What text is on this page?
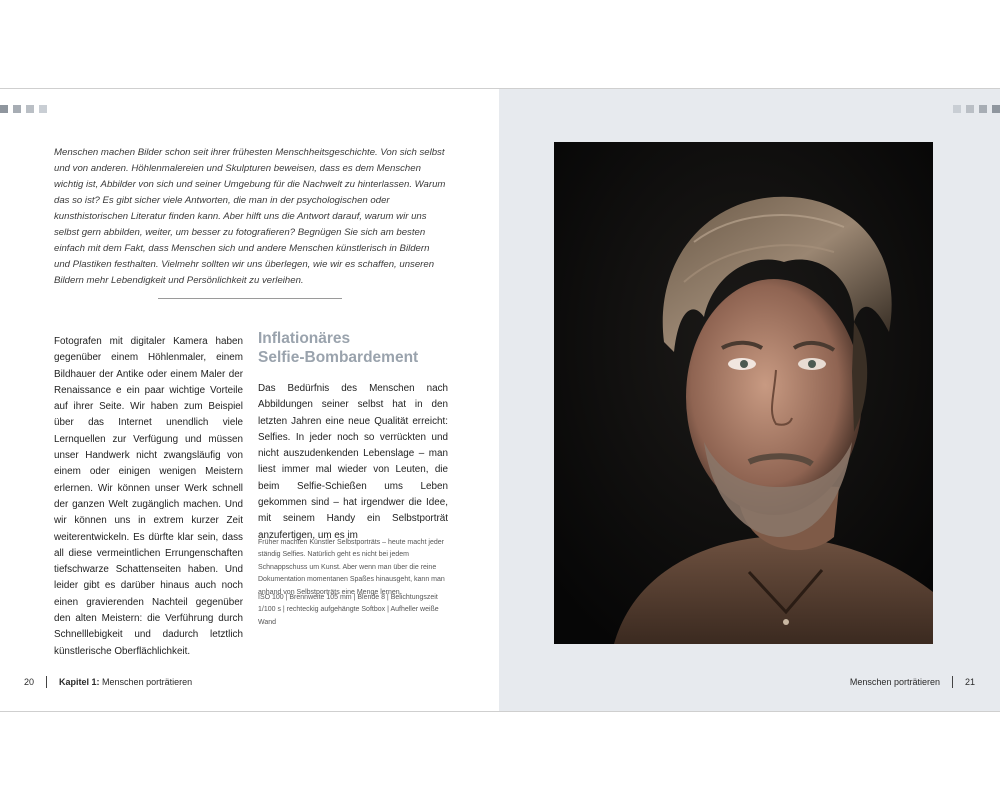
Menschen machen Bilder schon seit ihrer frühesten Menschheitsgeschichte. Von sich selbst und von anderen. Höhlenmalereien und Skulpturen beweisen, dass es dem Menschen wichtig ist, Abbilder von sich und seiner Umgebung für die Nachwelt zu hinterlassen. Warum das so ist? Es gibt sicher viele Antworten, die man in der psychologischen oder kunsthistorischen Literatur finden kann. Aber hilft uns die Antwort darauf, warum wir uns selbst gern abbilden, weiter, um besser zu fotografieren? Begnügen Sie sich am besten einfach mit dem Fakt, dass Menschen sich und andere Menschen künstlerisch in Bildern und Plastiken festhalten. Vielmehr sollten wir uns überlegen, wie wir es schaffen, unseren Bildern mehr Lebendigkeit und Persönlichkeit zu verleihen.

Fotografen mit digitaler Kamera haben gegenüber einem Höhlenmaler, einem Bildhauer der Antike oder einem Maler der Renaissance e ein paar wichtige Vorteile auf ihrer Seite. Wir haben zum Beispiel über das Internet unendlich viele Lernquellen zur Verfügung und müssen unser Handwerk nicht zwangsläufig von einem oder einigen wenigen Meistern erlernen. Wir können unser Werk schnell der ganzen Welt zugänglich machen. Und wir können uns in extrem kurzer Zeit weiterentwickeln. Es dürfte klar sein, dass all diese vermeintlichen Errungenschaften tiefschwarze Schattenseiten haben. Und leider gibt es darüber hinaus auch noch einen gravierenden Nachteil gegenüber den alten Meistern: die Verführung durch Schnelllebigkeit und dadurch letztlich künstlerische Oberflächlichkeit.

Inflationäres
Selfie-Bombardement

Das Bedürfnis des Menschen nach Abbildungen seiner selbst hat in den letzten Jahren eine neue Qualität erreicht: Selfies. In jeder noch so verrückten und nicht auszudenkenden Lebenslage – man liest immer mal wieder von Leuten, die beim Selfie-Schießen ums Leben gekommen sind – hat irgendwer die Idee, mit seinem Handy ein Selbstporträt anzufertigen, um es im

Früher machten Künstler Selbstporträts – heute macht jeder ständig Selfies. Natürlich geht es nicht bei jedem Schnappschuss um Kunst. Aber wenn man über die reine Dokumentation momentanen Spaßes hinausgeht, kann man anhand von Selbstporträts eine Menge lernen.

ISO 100 | Brennweite 105 mm | Blende 8 | Belichtungszeit 1/100 s | rechteckig aufgehängte Softbox | Aufheller weiße Wand

20	Kapitel 1:
Menschen porträtieren	Menschen porträtieren	21
